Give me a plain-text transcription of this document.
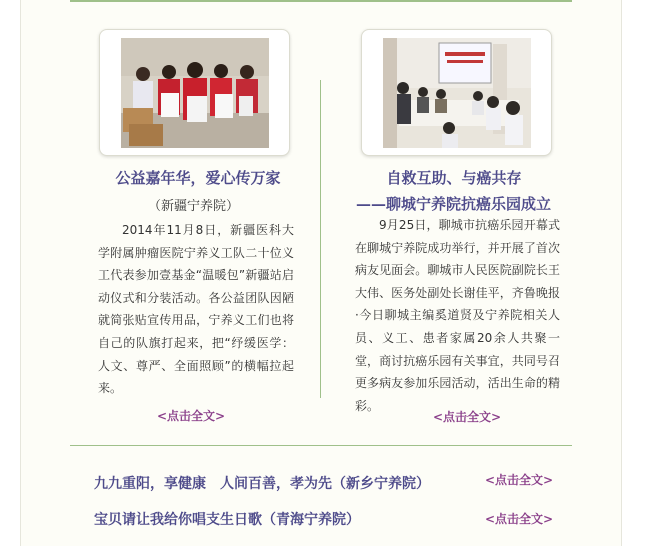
公益嘉年华，爱心传万家
（新疆宁养院）
2014年11月8日，新疆医科大学附属肿瘤医院宁养义工队二十位义工代表参加壹基金“温暖包”新疆站启动仪式和分装活动。各公益团队因陋就简张贴宣传用品，宁养义工们也将自己的队旗打起来，把“纾缓医学：人文、尊严、全面照顾”的横幅拉起来。
<点击全文>
自救互助、与癌共存
——聊城宁养院抗癌乐园成立
9月25日，聊城市抗癌乐园开幕式在聊城宁养院成功举行，并开展了首次病友见面会。聊城市人民医院副院长王大伟、医务处副处长谢佳平，齐鲁晚报·今日聊城主编奚道贤及宁养院相关人员、义工、患者家属20余人共聚一堂，商讨抗癌乐园有关事宜，共同号召更多病友参加乐园活动，活出生命的精彩。
<点击全文>
九九重阳，享健康　人间百善，孝为先（新乡宁养院）	<点击全文>
宝贝请让我给你唱支生日歌（青海宁养院）	<点击全文>
